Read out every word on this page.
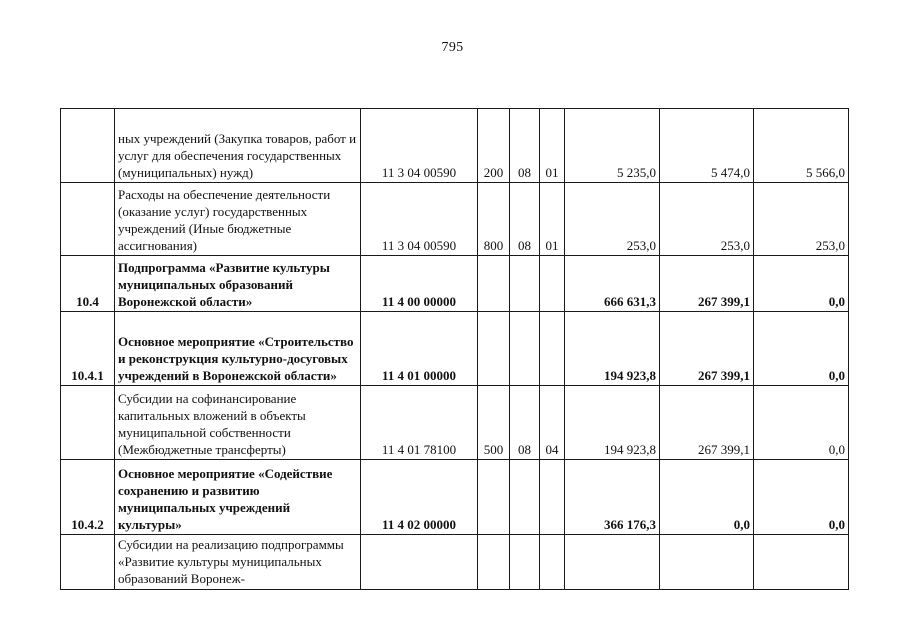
795
	ных учреждений (Закупка товаров, работ и услуг для обеспечения государственных (муниципальных) нужд)	11 3 04 00590	200	08	01	5 235,0	5 474,0	5 566,0
	Расходы на обеспечение деятельности (оказание услуг) государственных учреждений (Иные бюджетные ассигнования)	11 3 04 00590	800	08	01	253,0	253,0	253,0
10.4	Подпрограмма «Развитие культуры муниципальных образований Воронежской области»	11 4 00 00000				666 631,3	267 399,1	0,0
10.4.1	Основное мероприятие «Строительство и реконструкция культурно-досуговых учреждений в Воронежской области»	11 4 01 00000				194 923,8	267 399,1	0,0
	Субсидии на софинансирование капитальных вложений в объекты муниципальной собственности (Межбюджетные трансферты)	11 4 01 78100	500	08	04	194 923,8	267 399,1	0,0
10.4.2	Основное мероприятие «Содействие сохранению и развитию муниципальных учреждений культуры»	11 4 02 00000				366 176,3	0,0	0,0
	Субсидии на реализацию подпрограммы «Развитие культуры муниципальных образований Воронеж-							
